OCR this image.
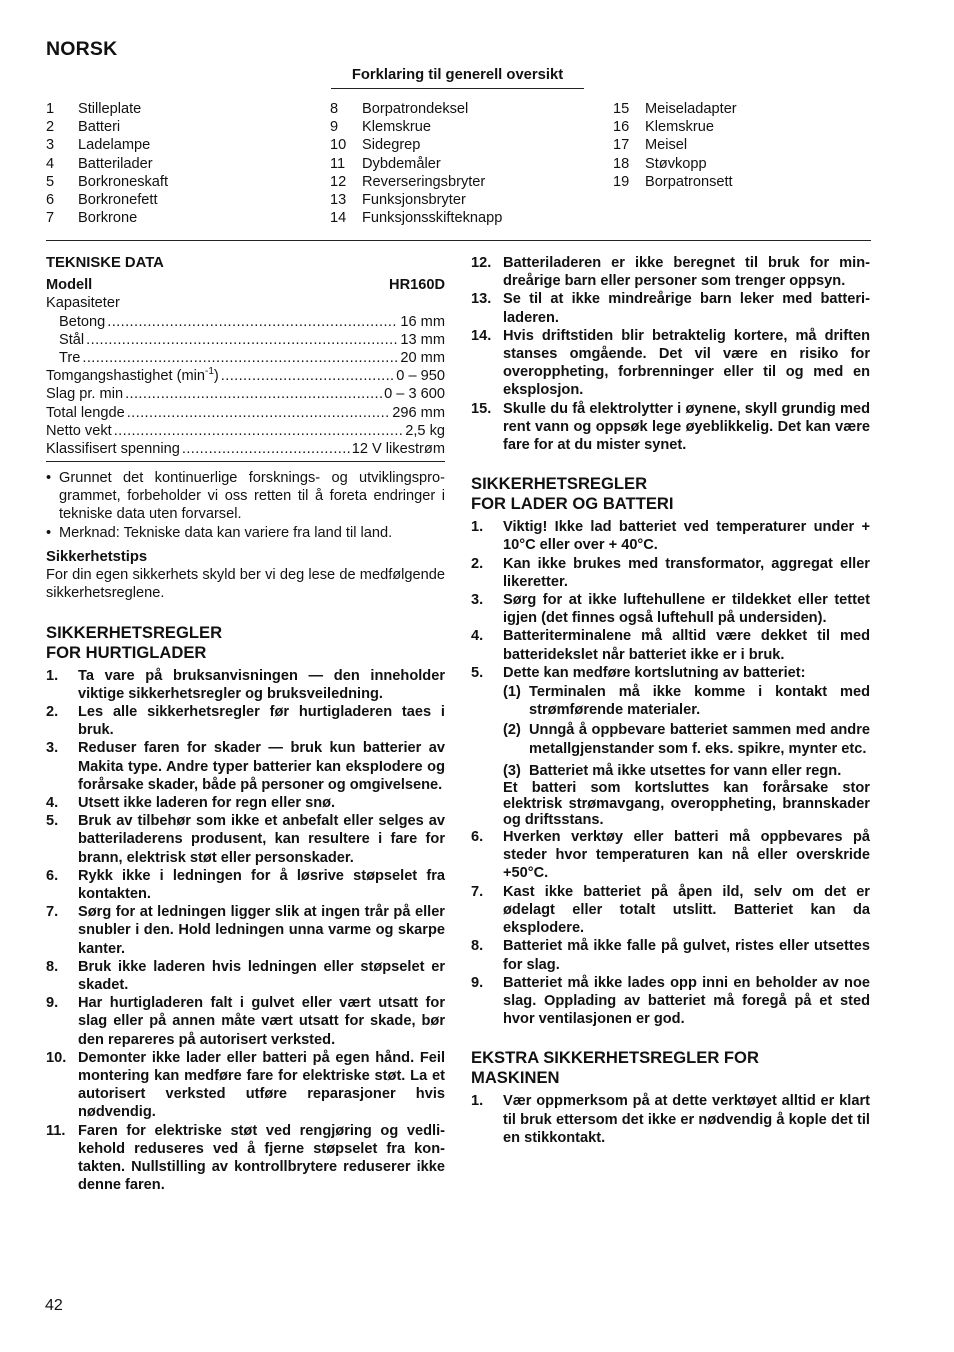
NORSK
Forklaring til generell oversikt
1 Stilleplate
2 Batteri
3 Ladelampe
4 Batterilader
5 Borkroneskaft
6 Borkronefett
7 Borkrone
8 Borpatrondeksel
9 Klemskrue
10 Sidegrep
11 Dybdemåler
12 Reverseringsbryter
13 Funksjonsbryter
14 Funksjonsskifteknapp
15 Meiseladapter
16 Klemskrue
17 Meisel
18 Støvkopp
19 Borpatronsett
TEKNISKE DATA
Modell	HR160D
Kapasiteter
Betong .....	16 mm
Stål .....	13 mm
Tre .....	20 mm
Tomgangshastighet $(\min^{-1})$ .....	0 – 950
Slag pr. min .....	0 – 3 600
Total lengde .....	296 mm
Netto vekt .....	2,5 kg
Klassifisert spenning .....	12 V likestrøm
• Grunnet det kontinuerlige forsknings- og utviklingsprogrammet, forbeholder vi oss retten til å foreta endringer i tekniske data uten forvarsel.
• Merknad: Tekniske data kan variere fra land til land.
Sikkerhetstips
For din egen sikkerhets skyld ber vi deg lese de medfølgende sikkerhetsreglene.
SIKKERHETSREGLER
FOR HURTIGLADER
1. Ta vare på bruksanvisningen — den inneholder viktige sikkerhetsregler og bruksveiledning.
2. Les alle sikkerhetsregler før hurtigladeren taes i bruk.
3. Reduser faren for skader — bruk kun batterier av Makita type. Andre typer batterier kan ekspIodere og forårsake skader, både på personer og omgivelsene.
4. Utsett ikke laderen for regn eller snø.
5. Bruk av tilbehør som ikke et anbefalt eller selges av batteriladerens produsent, kan resultere i fare for brann, elektrisk støt eller personskader.
6. Rykk ikke i ledningen for å løsrive støpselet fra kontakten.
7. Sørg for at ledningen ligger slik at ingen trår på eller snubler i den. Hold ledningen unna varme og skarpe kanter.
8. Bruk ikke laderen hvis ledningen eller støpselet er skadet.
9. Har hurtigladeren falt i gulvet eller vært utsatt for slag eller på annen måte vært utsatt for skade, bør den repareres på autorisert verksted.
10. Demonter ikke lader eller batteri på egen hånd. Feil montering kan medføre fare for elektriske støt. La et autorisert verksted utføre reparasjoner hvis nødvendig.
11. Faren for elektriske støt ved rengjøring og vedlikehold reduseres ved å fjerne støpselet fra kontakten. Nullstilling av kontrollbrytere reduserer ikke denne faren.
12. Batteriladeren er ikke beregnet til bruk for mindreårige barn eller personer som trenger oppsyn.
13. Se til at ikke mindreårige barn leker med batteriladeren.
14. Hvis driftstiden blir betraktelig kortere, må driften stanses omgående. Det vil være en risiko for overoppheting, forbrenninger eller til og med en eksplosjon.
15. Skulle du få elektrolytter i øynene, skyll grundig med rent vann og oppsøk lege øyeblikkelig. Det kan være fare for at du mister synet.
SIKKERHETSREGLER
FOR LADER OG BATTERI
1. Viktig! Ikke lad batteriet ved temperaturer under + 10°C eller over + 40°C.
2. Kan ikke brukes med transformator, aggregat eller likeretter.
3. Sørg for at ikke luftehullene er tildekket eller tettet igjen (det finnes også luftehull på undersiden).
4. Batteriterminalene må alltid være dekket til med batteridekslet når batteriet ikke er i bruk.
5. Dette kan medføre kortslutning av batteriet:
(1) Terminalen må ikke komme i kontakt med strømførende materialer.
(2) Unngå å oppbevare batteriet sammen med andre metallgjenstander som f. eks. spikre, mynter etc.
(3) Batteriet må ikke utsettes for vann eller regn.
Et batteri som kortsluttes kan forårsake stor elektrisk strømavgang, overoppheting, brannskader og driftsstans.
6. Hverken verktøy eller batteri må oppbevares på steder hvor temperaturen kan nå eller overskride +50°C.
7. Kast ikke batteriet på åpen ild, selv om det er ødelagt eller totalt utslitt. Batteriet kan da eksplodere.
8. Batteriet må ikke falle på gulvet, ristes eller utsettes for slag.
9. Batteriet må ikke lades opp inni en beholder av noe slag. Opplading av batteriet må foregå på et sted hvor ventilasjonen er god.
EKSTRA SIKKERHETSREGLER FOR
MASKINEN
1. Vær oppmerksom på at dette verktøyet alltid er klart til bruk ettersom det ikke er nødvendig å kople det til en stikkontakt.
42
